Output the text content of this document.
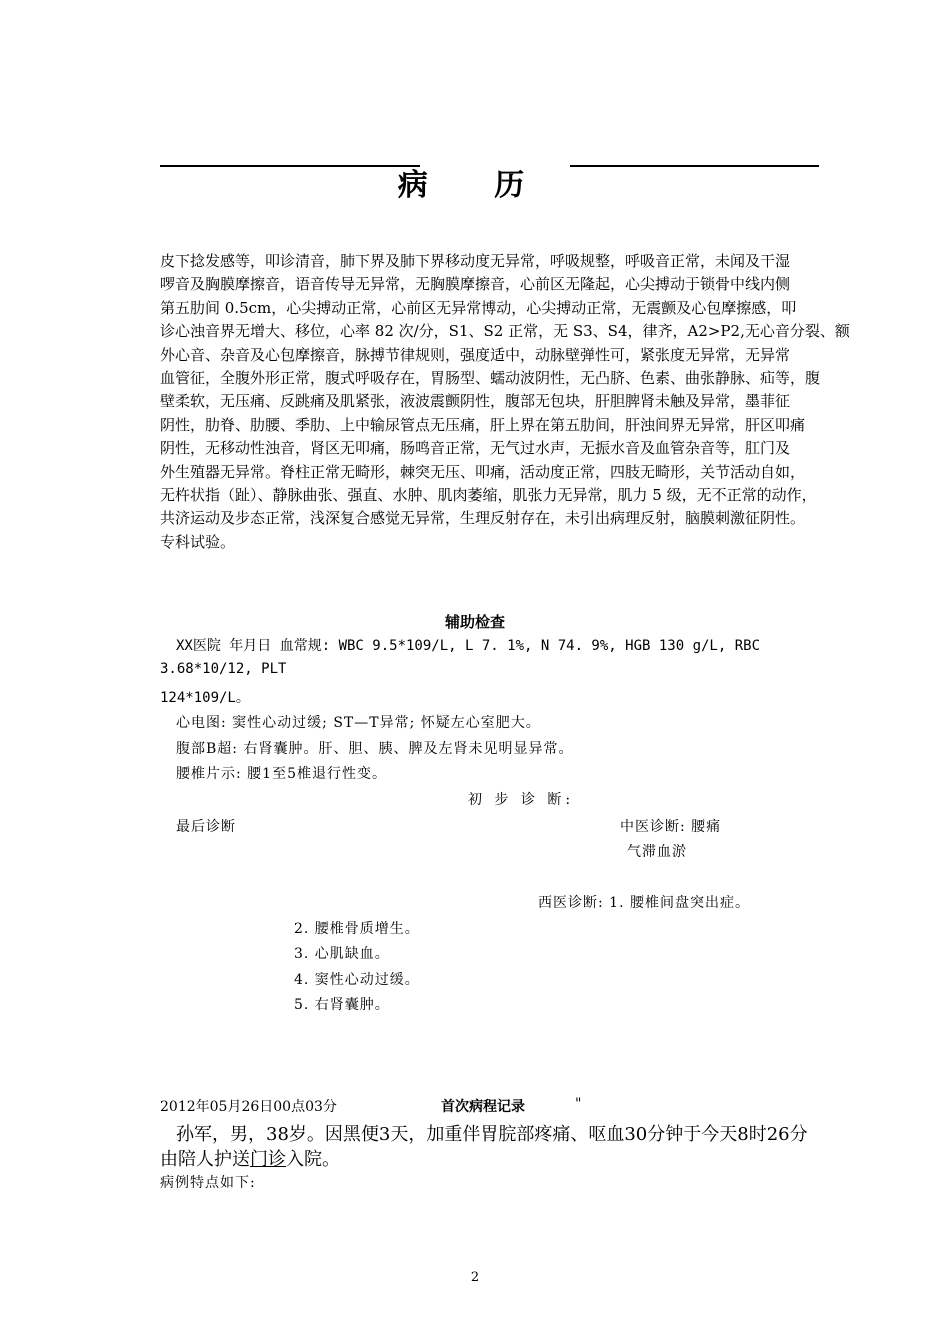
病 历
皮下捻发感等，叩诊清音，肺下界及肺下界移动度无异常，呼吸规整，呼吸音正常，未闻及干湿
啰音及胸膜摩擦音，语音传导无异常，无胸膜摩擦音，心前区无隆起，心尖搏动于锁骨中线内侧
第五肋间 0.5cm，心尖搏动正常，心前区无异常博动，心尖搏动正常，无震颤及心包摩擦感，叩
诊心浊音界无增大、移位，心率 82 次/分，S1、S2 正常，无 S3、S4，律齐，A2>P2,无心音分裂、额
外心音、杂音及心包摩擦音，脉搏节律规则，强度适中，动脉壁弹性可，紧张度无异常，无异常
血管征，全腹外形正常，腹式呼吸存在，胃肠型、蠕动波阴性，无凸脐、色素、曲张静脉、疝等，腹
壁柔软，无压痛、反跳痛及肌紧张，液波震颤阴性，腹部无包块，肝胆脾肾未触及异常，墨菲征
阴性，肋脊、肋腰、季肋、上中输尿管点无压痛，肝上界在第五肋间，肝浊间界无异常，肝区叩痛
阴性，无移动性浊音，肾区无叩痛，肠鸣音正常，无气过水声，无振水音及血管杂音等，肛门及
外生殖器无异常。脊柱正常无畸形，棘突无压、叩痛，活动度正常，四肢无畸形，关节活动自如，
无杵状指（趾）、静脉曲张、强直、水肿、肌肉萎缩，肌张力无异常，肌力 5 级，无不正常的动作，
共济运动及步态正常，浅深复合感觉无异常，生理反射存在，未引出病理反射，脑膜刺激征阴性。
专科试验。
辅助检查
XX医院 年月日 血常规: WBC 9.5*109/L, L 7. 1%, N 74. 9%, HGB 130 g/L, RBC
3.68*10/12, PLT
124*109/L。
心电图: 窦性心动过缓; ST—T异常; 怀疑左心室肥大。
腹部B超: 右肾囊肿。肝、胆、胰、脾及左肾未见明显异常。
腰椎片示: 腰1至5椎退行性变。
初 步 诊 断:
最后诊断	中医诊断: 腰痛
气滞血淤
西医诊断: 1. 腰椎间盘突出症。
2. 腰椎骨质增生。
3. 心肌缺血。
4. 窦性心动过缓。
5. 右肾囊肿。
2012年05月26日00点03分	首次病程记录	"
孙军，男，38岁。因黑便3天，加重伴胃脘部疼痛、呕血30分钟于今天8时26分
由陪人护送门诊入院。
病例特点如下:
2
